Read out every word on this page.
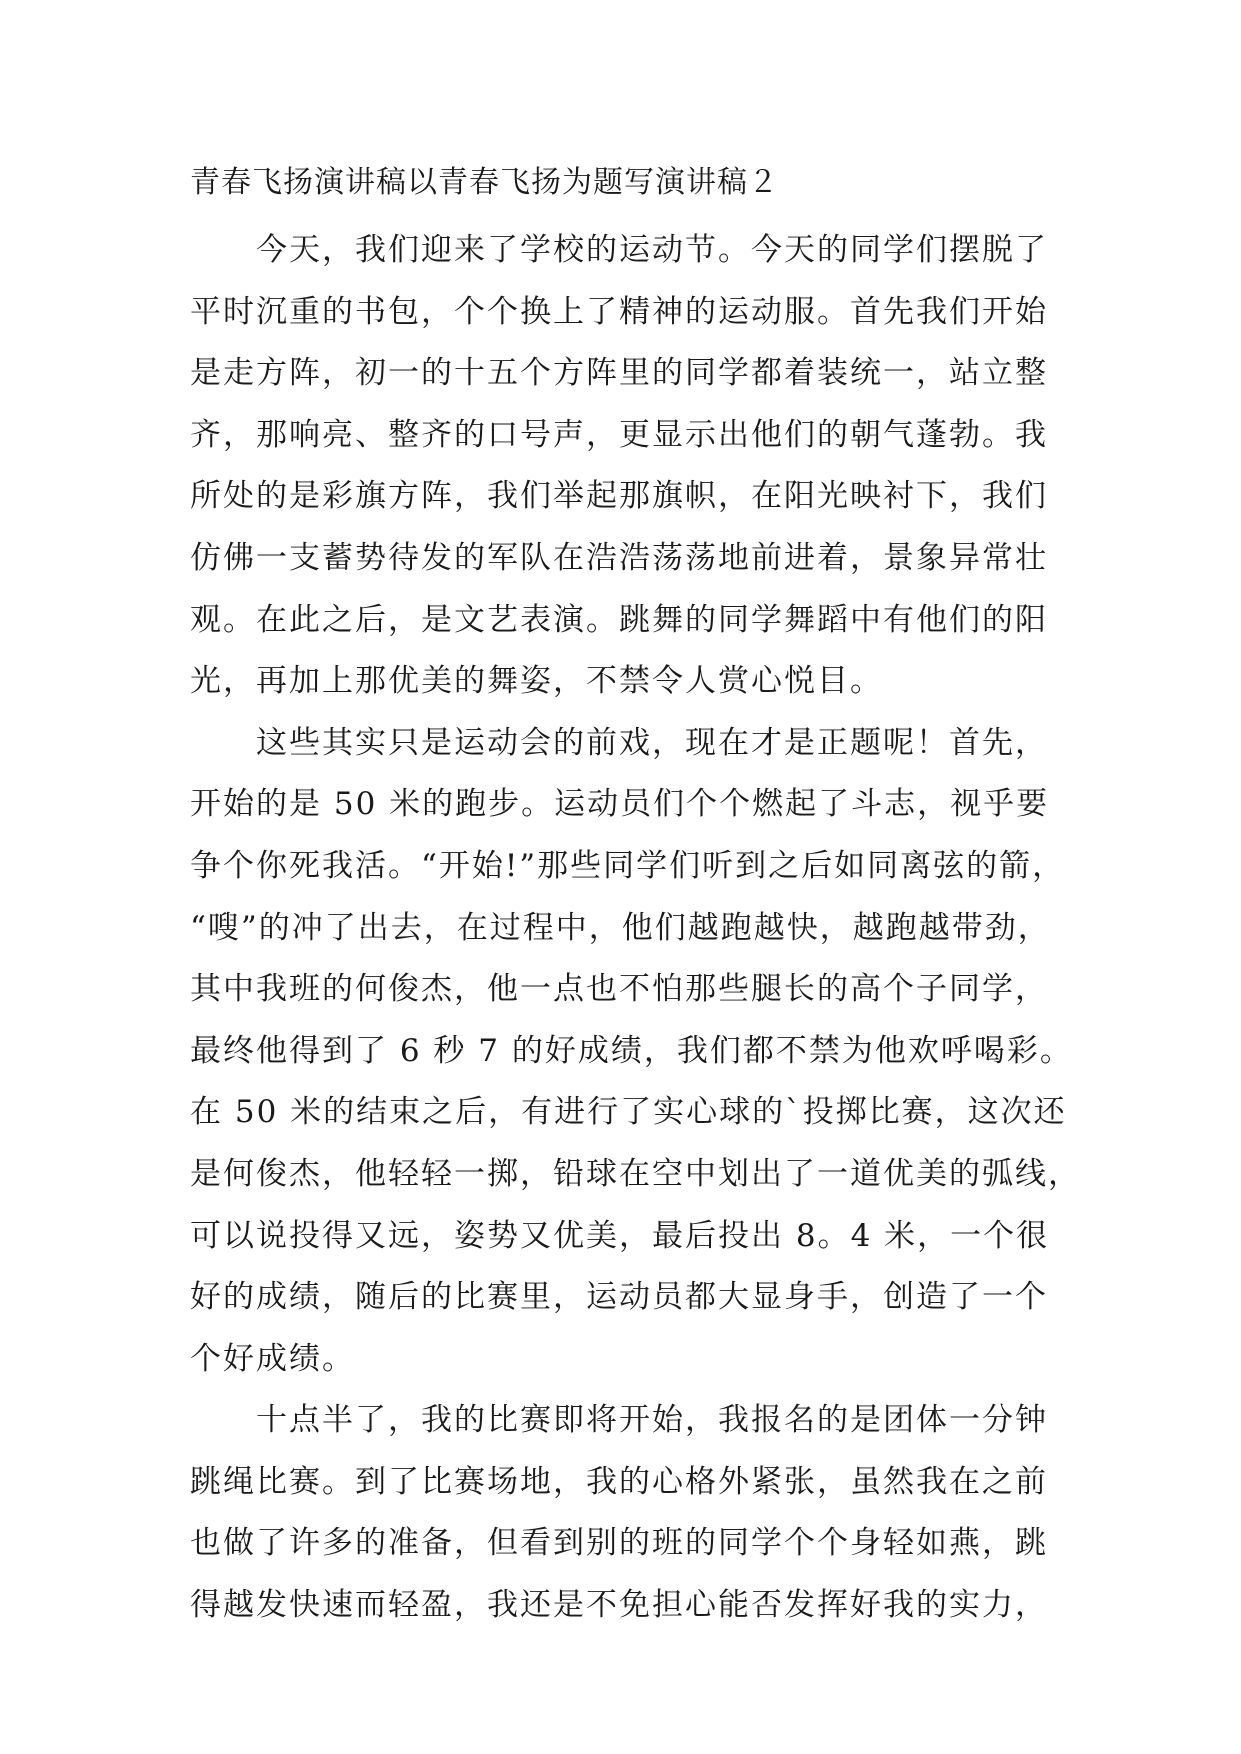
青春飞扬演讲稿以青春飞扬为题写演讲稿２
今天，我们迎来了学校的运动节。今天的同学们摆脱了
平时沉重的书包，个个换上了精神的运动服。首先我们开始
是走方阵，初一的十五个方阵里的同学都着装统一，站立整
齐，那响亮、整齐的口号声，更显示出他们的朝气蓬勃。我
所处的是彩旗方阵，我们举起那旗帜，在阳光映衬下，我们
仿佛一支蓄势待发的军队在浩浩荡荡地前进着，景象异常壮
观。在此之后，是文艺表演。跳舞的同学舞蹈中有他们的阳
光，再加上那优美的舞姿，不禁令人赏心悦目。
这些其实只是运动会的前戏，现在才是正题呢！首先，
开始的是 50 米的跑步。运动员们个个燃起了斗志，视乎要
争个你死我活。“开始!”那些同学们听到之后如同离弦的箭，
“嗖”的冲了出去，在过程中，他们越跑越快，越跑越带劲，
其中我班的何俊杰，他一点也不怕那些腿长的高个子同学，
最终他得到了 6 秒 7 的好成绩，我们都不禁为他欢呼喝彩。
在 50 米的结束之后，有进行了实心球的`投掷比赛，这次还
是何俊杰，他轻轻一掷，铅球在空中划出了一道优美的弧线，
可以说投得又远，姿势又优美，最后投出 8。4 米，一个很
好的成绩，随后的比赛里，运动员都大显身手，创造了一个
个好成绩。
十点半了，我的比赛即将开始，我报名的是团体一分钟
跳绳比赛。到了比赛场地，我的心格外紧张，虽然我在之前
也做了许多的准备，但看到别的班的同学个个身轻如燕，跳
得越发快速而轻盈，我还是不免担心能否发挥好我的实力，
